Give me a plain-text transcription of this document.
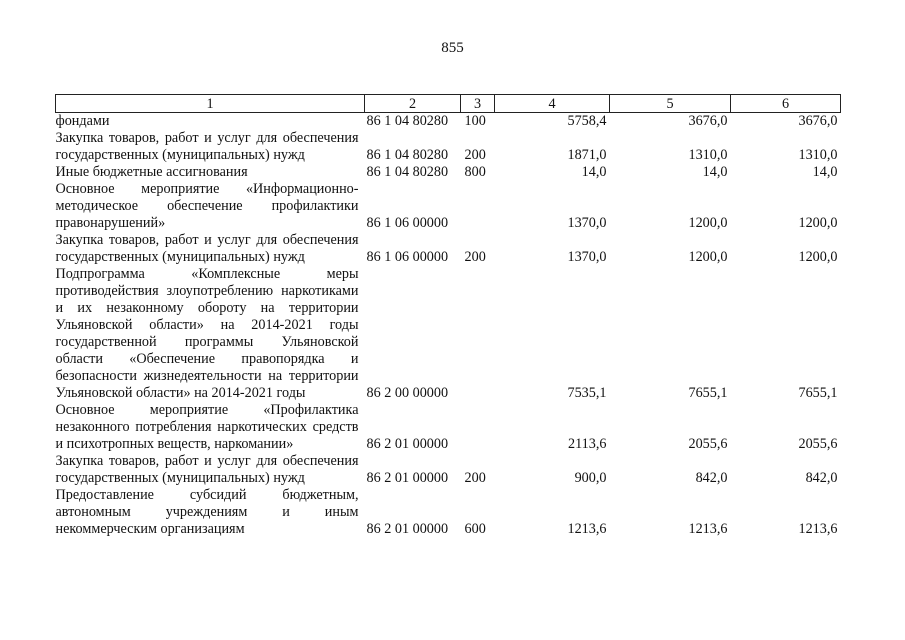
855
1	2	3	4	5	6
фондами	86 1 04 80280	100	5758,4	3676,0	3676,0
Закупка товаров, работ и услуг для обеспечения государственных (муниципальных) нужд	86 1 04 80280	200	1871,0	1310,0	1310,0
Иные бюджетные ассигнования	86 1 04 80280	800	14,0	14,0	14,0
Основное мероприятие «Информационно-методическое обеспечение профилактики правонарушений»	86 1 06 00000		1370,0	1200,0	1200,0
Закупка товаров, работ и услуг для обеспечения государственных (муниципальных) нужд	86 1 06 00000	200	1370,0	1200,0	1200,0
Подпрограмма «Комплексные меры противодействия злоупотреблению наркотиками и их незаконному обороту на территории Ульяновской области» на 2014-2021 годы государственной программы Ульяновской области «Обеспечение правопорядка и безопасности жизнедеятельности на территории Ульяновской области» на 2014-2021 годы	86 2 00 00000		7535,1	7655,1	7655,1
Основное мероприятие «Профилактика незаконного потребления наркотических средств и психотропных веществ, наркомании»	86 2 01 00000		2113,6	2055,6	2055,6
Закупка товаров, работ и услуг для обеспечения государственных (муниципальных) нужд	86 2 01 00000	200	900,0	842,0	842,0
Предоставление субсидий бюджетным, автономным учреждениям и иным некоммерческим организациям	86 2 01 00000	600	1213,6	1213,6	1213,6
